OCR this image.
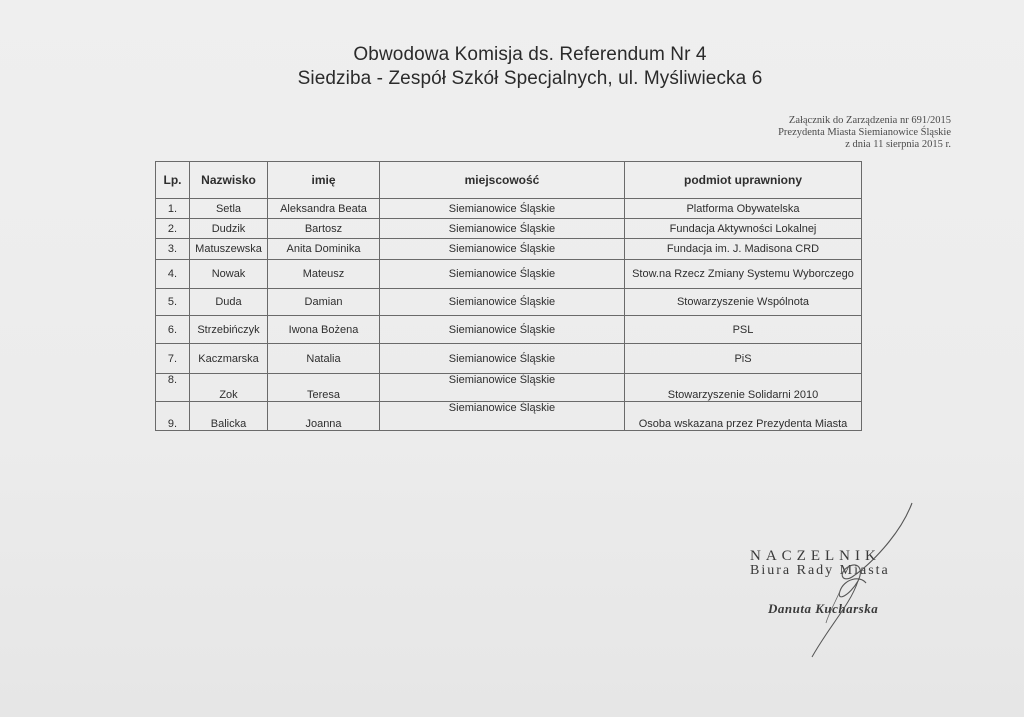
Obwodowa Komisja ds. Referendum Nr 4
Siedziba - Zespół Szkół Specjalnych, ul. Myśliwiecka 6
Załącznik do Zarządzenia nr 691/2015
Prezydenta Miasta Siemianowice Śląskie
z dnia 11 sierpnia 2015 r.
Lp.	Nazwisko	imię	miejscowość	podmiot uprawniony
1.	Setla	Aleksandra Beata	Siemianowice Śląskie	Platforma Obywatelska
2.	Dudzik	Bartosz	Siemianowice Śląskie	Fundacja Aktywności Lokalnej
3.	Matuszewska	Anita Dominika	Siemianowice Śląskie	Fundacja im. J. Madisona CRD
4.	Nowak	Mateusz	Siemianowice Śląskie	Stow.na Rzecz Zmiany Systemu Wyborczego
5.	Duda	Damian	Siemianowice Śląskie	Stowarzyszenie Wspólnota
6.	Strzebińczyk	Iwona Bożena	Siemianowice Śląskie	PSL
7.	Kaczmarska	Natalia	Siemianowice Śląskie	PiS
8.	Zok	Teresa	Siemianowice Śląskie	Stowarzyszenie Solidarni 2010
9.	Balicka	Joanna	Siemianowice Śląskie	Osoba wskazana przez Prezydenta Miasta
NACZELNIK
Biura Rady Miasta
Danuta Kucharska
